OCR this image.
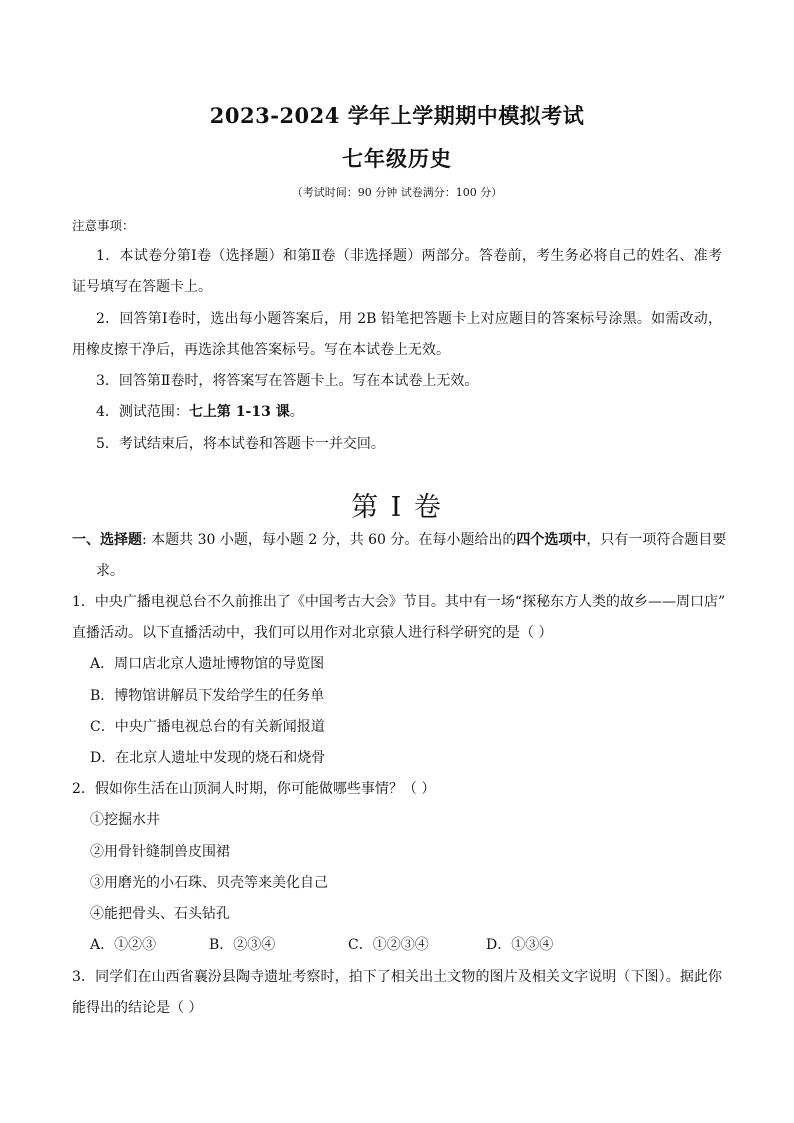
2023-2024 学年上学期期中模拟考试
七年级历史
（考试时间：90 分钟 试卷满分：100 分）
注意事项：
1．本试卷分第Ⅰ卷（选择题）和第Ⅱ卷（非选择题）两部分。答卷前，考生务必将自己的姓名、准考
证号填写在答题卡上。
2．回答第Ⅰ卷时，选出每小题答案后，用 2B 铅笔把答题卡上对应题目的答案标号涂黑。如需改动，
用橡皮擦干净后，再选涂其他答案标号。写在本试卷上无效。
3．回答第Ⅱ卷时，将答案写在答题卡上。写在本试卷上无效。
4．测试范围：七上第 1-13 课。
5．考试结束后，将本试卷和答题卡一并交回。
第 I 卷
一、选择题: 本题共 30 小题，每小题 2 分，共 60 分。在每小题给出的四个选项中，只有一项符合题目要
求。
1．中央广播电视总台不久前推出了《中国考古大会》节目。其中有一场“探秘东方人类的故乡——周口店”
直播活动。以下直播活动中，我们可以用作对北京猿人进行科学研究的是（ ）
A．周口店北京人遗址博物馆的导览图
B．博物馆讲解员下发给学生的任务单
C．中央广播电视总台的有关新闻报道
D．在北京人遗址中发现的烧石和烧骨
2．假如你生活在山顶洞人时期，你可能做哪些事情？（ ）
①挖掘水井
②用骨针缝制兽皮围裙
③用磨光的小石珠、贝壳等来美化自己
④能把骨头、石头钻孔
A．①②③	B．②③④	C．①②③④	D．①③④
3．同学们在山西省襄汾县陶寺遗址考察时，拍下了相关出土文物的图片及相关文字说明（下图）。据此你
能得出的结论是（ ）
